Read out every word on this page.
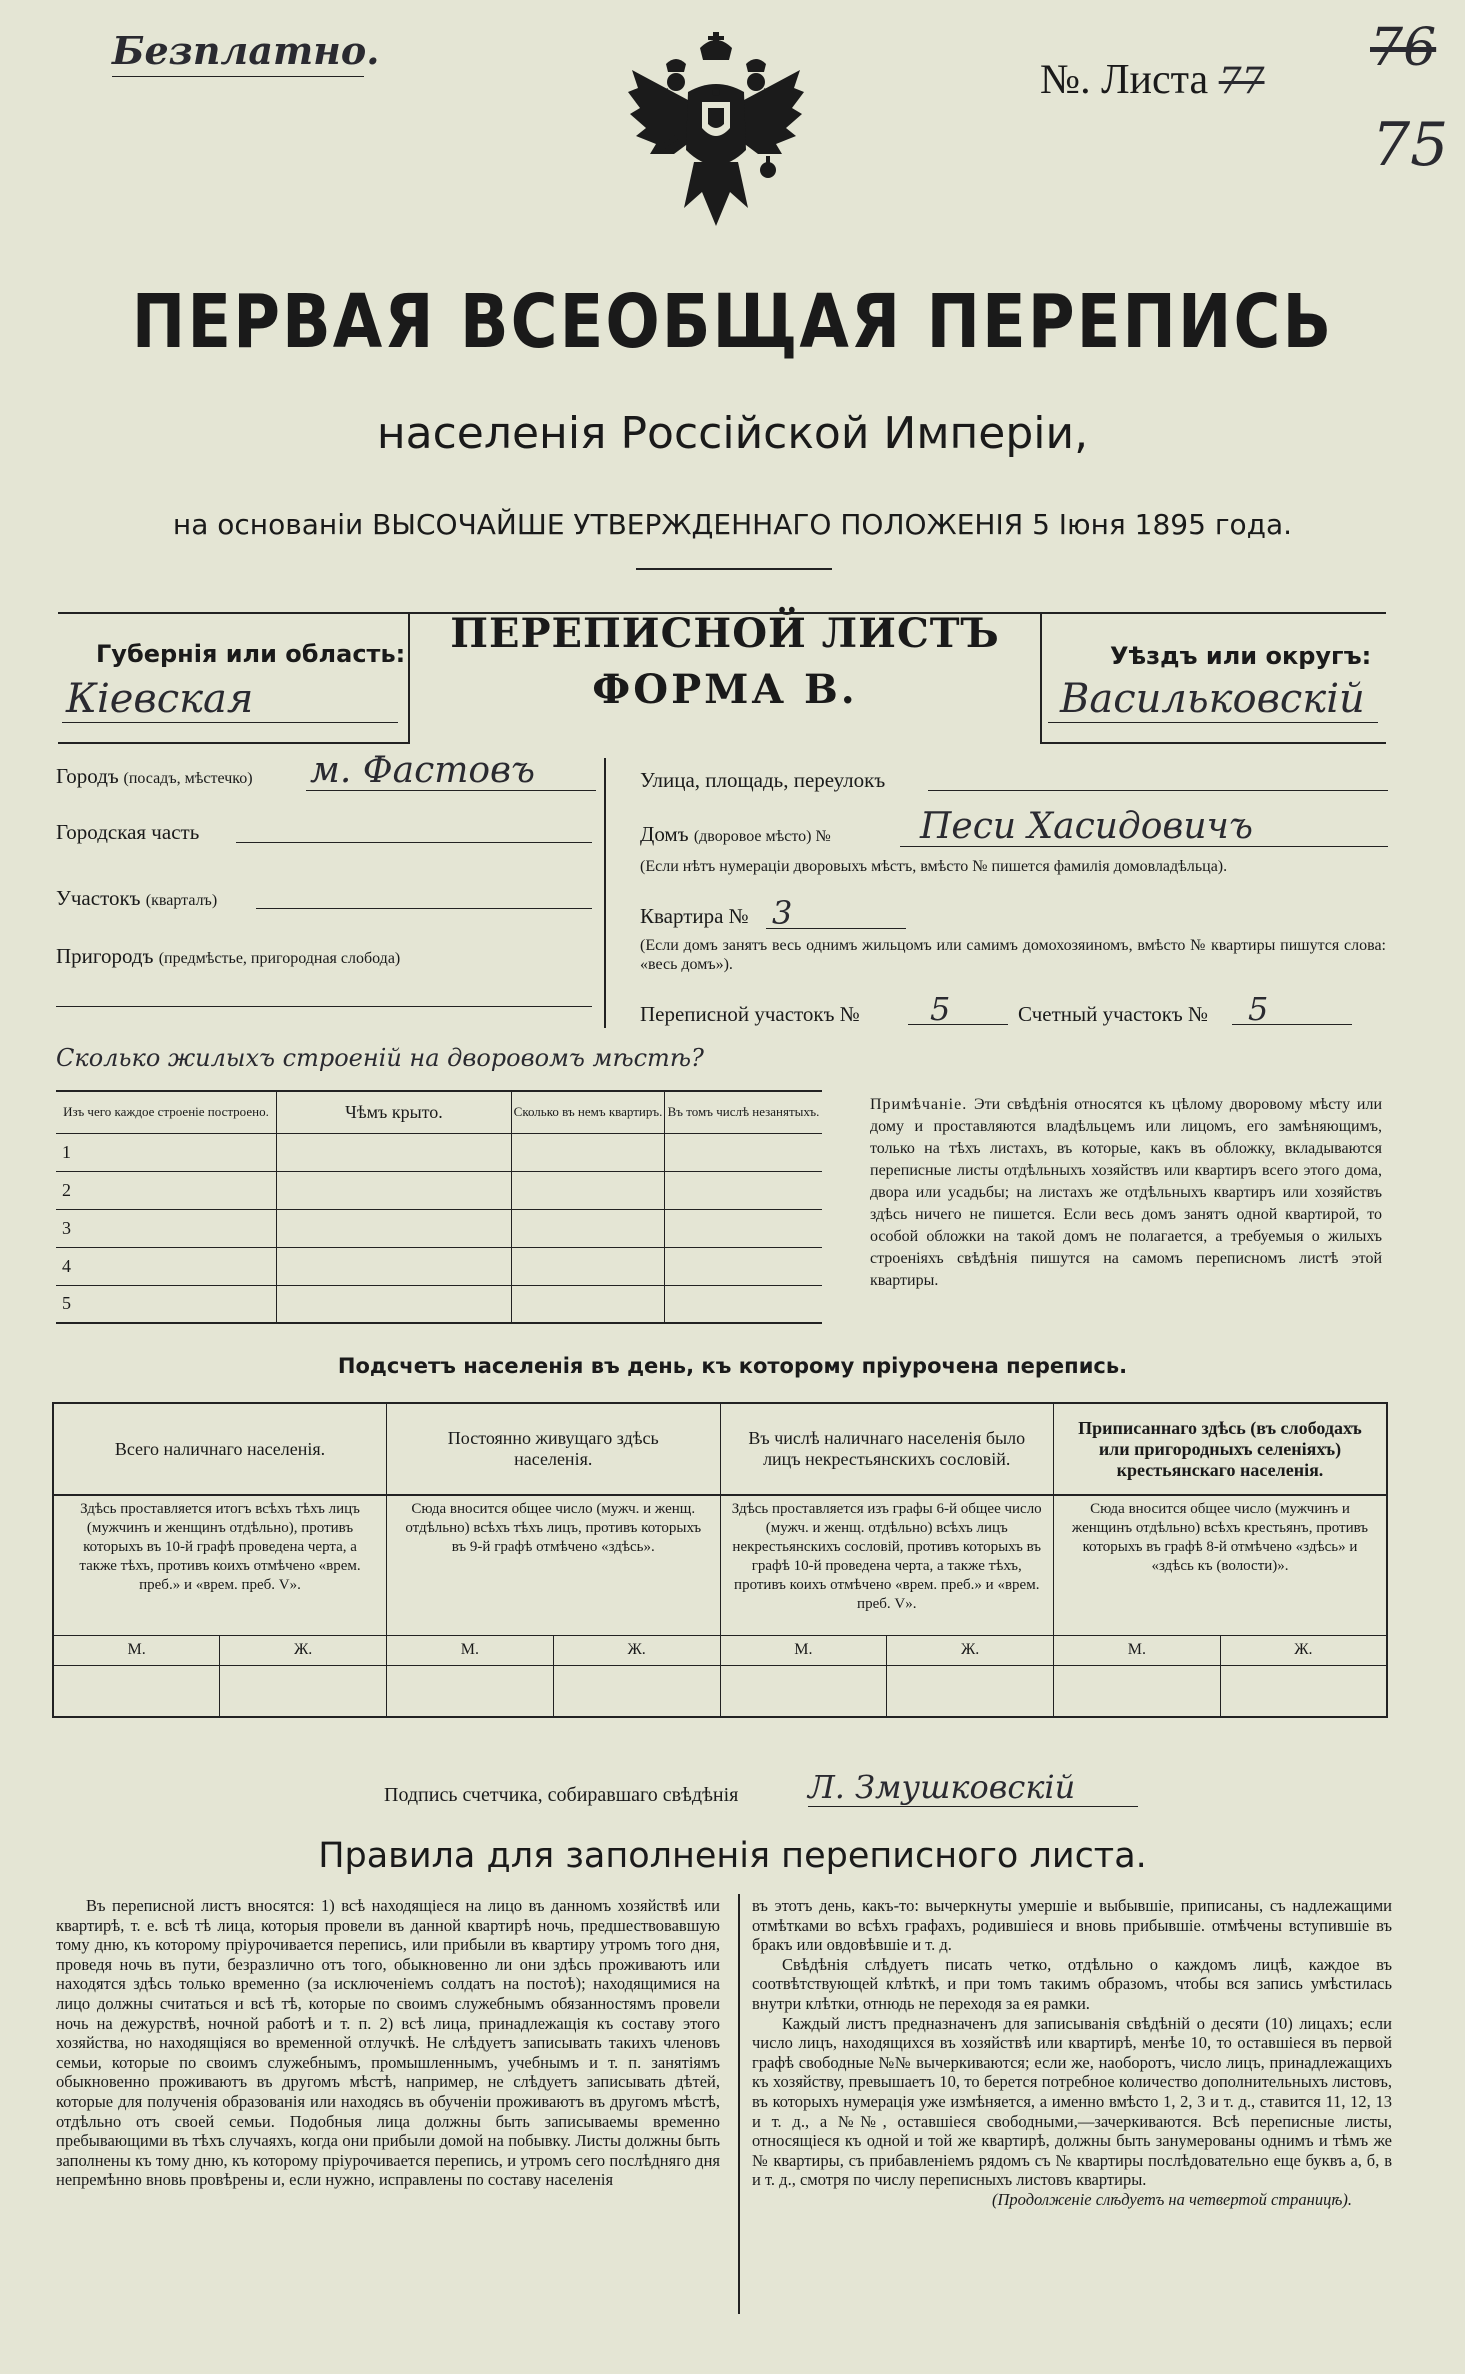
Безплатно.
№. Листа 77
76
75
ПЕРВАЯ ВСЕОБЩАЯ ПЕРЕПИСЬ
населенія Россійской Имперіи,
на основаніи ВЫСОЧАЙШЕ УТВЕРЖДЕННАГО ПОЛОЖЕНІЯ 5 Іюня 1895 года.
Губернія или область:
Кіевская
ПЕРЕПИСНОЙ ЛИСТЪ
ФОРМА В.
Уѣздъ или округъ:
Васильковскій
Городъ (посадъ, мѣстечко) м. Фастовъ
Городская часть
Участокъ (кварталъ)
Пригородъ (предмѣстье, пригородная слобода)
Улица, площадь, переулокъ
Домъ (дворовое мѣсто) № Песи Хасидовичъ
(Если нѣтъ нумераціи дворовыхъ мѣстъ, вмѣсто № пишется фамилія домовладѣльца).
Квартира № 3
(Если домъ занятъ весь однимъ жильцомъ или самимъ домохозяиномъ, вмѣсто № квартиры пишутся слова: «весь домъ»).
Переписной участокъ № 5	Счетный участокъ № 5
Сколько жилыхъ строеній на дворовомъ мѣстѣ?
Изъ чего каждое строеніе построено.	Чѣмъ крыто.	Сколько въ немъ квартиръ.	Въ томъ числѣ незанятыхъ.
1			
2			
3			
4			
5			
Примѣчаніе. Эти свѣдѣнія относятся къ цѣлому дворовому мѣсту или дому и проставляются владѣльцемъ или лицомъ, его замѣняющимъ, только на тѣхъ листахъ, въ которые, какъ въ обложку, вкладываются переписные листы отдѣльныхъ хозяйствъ или квартиръ всего этого дома, двора или усадьбы; на листахъ же отдѣльныхъ квартиръ или хозяйствъ здѣсь ничего не пишется. Если весь домъ занятъ одной квартирой, то особой обложки на такой домъ не полагается, а требуемыя о жилыхъ строеніяхъ свѣдѣнія пишутся на самомъ переписномъ листѣ этой квартиры.
Подсчетъ населенія въ день, къ которому пріурочена перепись.
Всего наличнаго населенія.		Постоянно живущаго здѣсь населенія.		Въ числѣ наличнаго населенія было лицъ некрестьянскихъ сословій.		Приписаннаго здѣсь (въ слободахъ или пригородныхъ селеніяхъ) крестьянскаго населенія.	
Здѣсь проставляется итогъ всѣхъ тѣхъ лицъ (мужчинъ и женщинъ отдѣльно), противъ которыхъ въ 10-й графѣ проведена черта, а также тѣхъ, противъ коихъ отмѣчено «врем. преб.» и «врем. преб. V».		Сюда вносится общее число (мужч. и женщ. отдѣльно) всѣхъ тѣхъ лицъ, противъ которыхъ въ 9-й графѣ отмѣчено «здѣсь».		Здѣсь проставляется изъ графы 6-й общее число (мужч. и женщ. отдѣльно) всѣхъ лицъ некрестьянскихъ сословій, противъ которыхъ въ графѣ 10-й проведена черта, а также тѣхъ, противъ коихъ отмѣчено «врем. преб.» и «врем. преб. V».		Сюда вносится общее число (мужчинъ и женщинъ отдѣльно) всѣхъ крестьянъ, противъ которыхъ въ графѣ 8-й отмѣчено «здѣсь» и «здѣсь къ (волости)».	
М.	Ж.	М.	Ж.	М.	Ж.	М.	Ж.

Подпись счетчика, собиравшаго свѣдѣнія Л. Змушковскій
Правила для заполненія переписного листа.
Въ переписной листъ вносятся: 1) всѣ находящіеся на лицо въ данномъ хозяйствѣ или квартирѣ, т. е. всѣ тѣ лица, которыя провели въ данной квартирѣ ночь, предшествовавшую тому дню, къ которому пріурочивается перепись, или прибыли въ квартиру утромъ того дня, проведя ночь въ пути, безразлично отъ того, обыкновенно ли они здѣсь проживаютъ или находятся здѣсь только временно (за исключеніемъ солдатъ на постоѣ); находящимися на лицо должны считаться и всѣ тѣ, которые по своимъ служебнымъ обязанностямъ провели ночь на дежурствѣ, ночной работѣ и т. п. 2) всѣ лица, принадлежащія къ составу этого хозяйства, но находящіяся во временной отлучкѣ. Не слѣдуетъ записывать такихъ членовъ семьи, которые по своимъ служебнымъ, промышленнымъ, учебнымъ и т. п. занятіямъ обыкновенно проживаютъ въ другомъ мѣстѣ, например, не слѣдуетъ записывать дѣтей, которые для полученія образованія или находясь въ обученіи проживаютъ въ другомъ мѣстѣ, отдѣльно отъ своей семьи. Подобныя лица должны быть записываемы временно пребывающими въ тѣхъ случаяхъ, когда они прибыли домой на побывку. Листы должны быть заполнены къ тому дню, къ которому пріурочивается перепись, и утромъ сего послѣдняго дня непремѣнно вновь провѣрены и, если нужно, исправлены по составу населенія

въ этотъ день, какъ-то: вычеркнуты умершіе и выбывшіе, приписаны, съ надлежащими отмѣтками во всѣхъ графахъ, родившіеся и вновь прибывшіе. отмѣчены вступившіе въ бракъ или овдовѣвшіе и т. д.

Свѣдѣнія слѣдуетъ писать четко, отдѣльно о каждомъ лицѣ, каждое въ соотвѣтствующей клѣткѣ, и при томъ такимъ образомъ, чтобы вся запись умѣстилась внутри клѣтки, отнюдь не переходя за ея рамки.

Каждый листъ предназначенъ для записыванія свѣдѣній о десяти (10) лицахъ; если число лицъ, находящихся въ хозяйствѣ или квартирѣ, менѣе 10, то оставшіеся въ первой графѣ свободные №№ вычеркиваются; если же, наоборотъ, число лицъ, принадлежащихъ къ хозяйству, превышаетъ 10, то берется потребное количество дополнительныхъ листовъ, въ которыхъ нумерація уже измѣняется, а именно вмѣсто 1, 2, 3 и т. д., ставится 11, 12, 13 и т. д., а №№, оставшіеся свободными,—зачеркиваются. Всѣ переписные листы, относящіеся къ одной и той же квартирѣ, должны быть занумерованы однимъ и тѣмъ же № квартиры, съ прибавленіемъ рядомъ съ № квартиры послѣдовательно еще буквъ а, б, в и т. д., смотря по числу переписныхъ листовъ квартиры.

(Продолженіе слѣдуетъ на четвертой страницѣ).
